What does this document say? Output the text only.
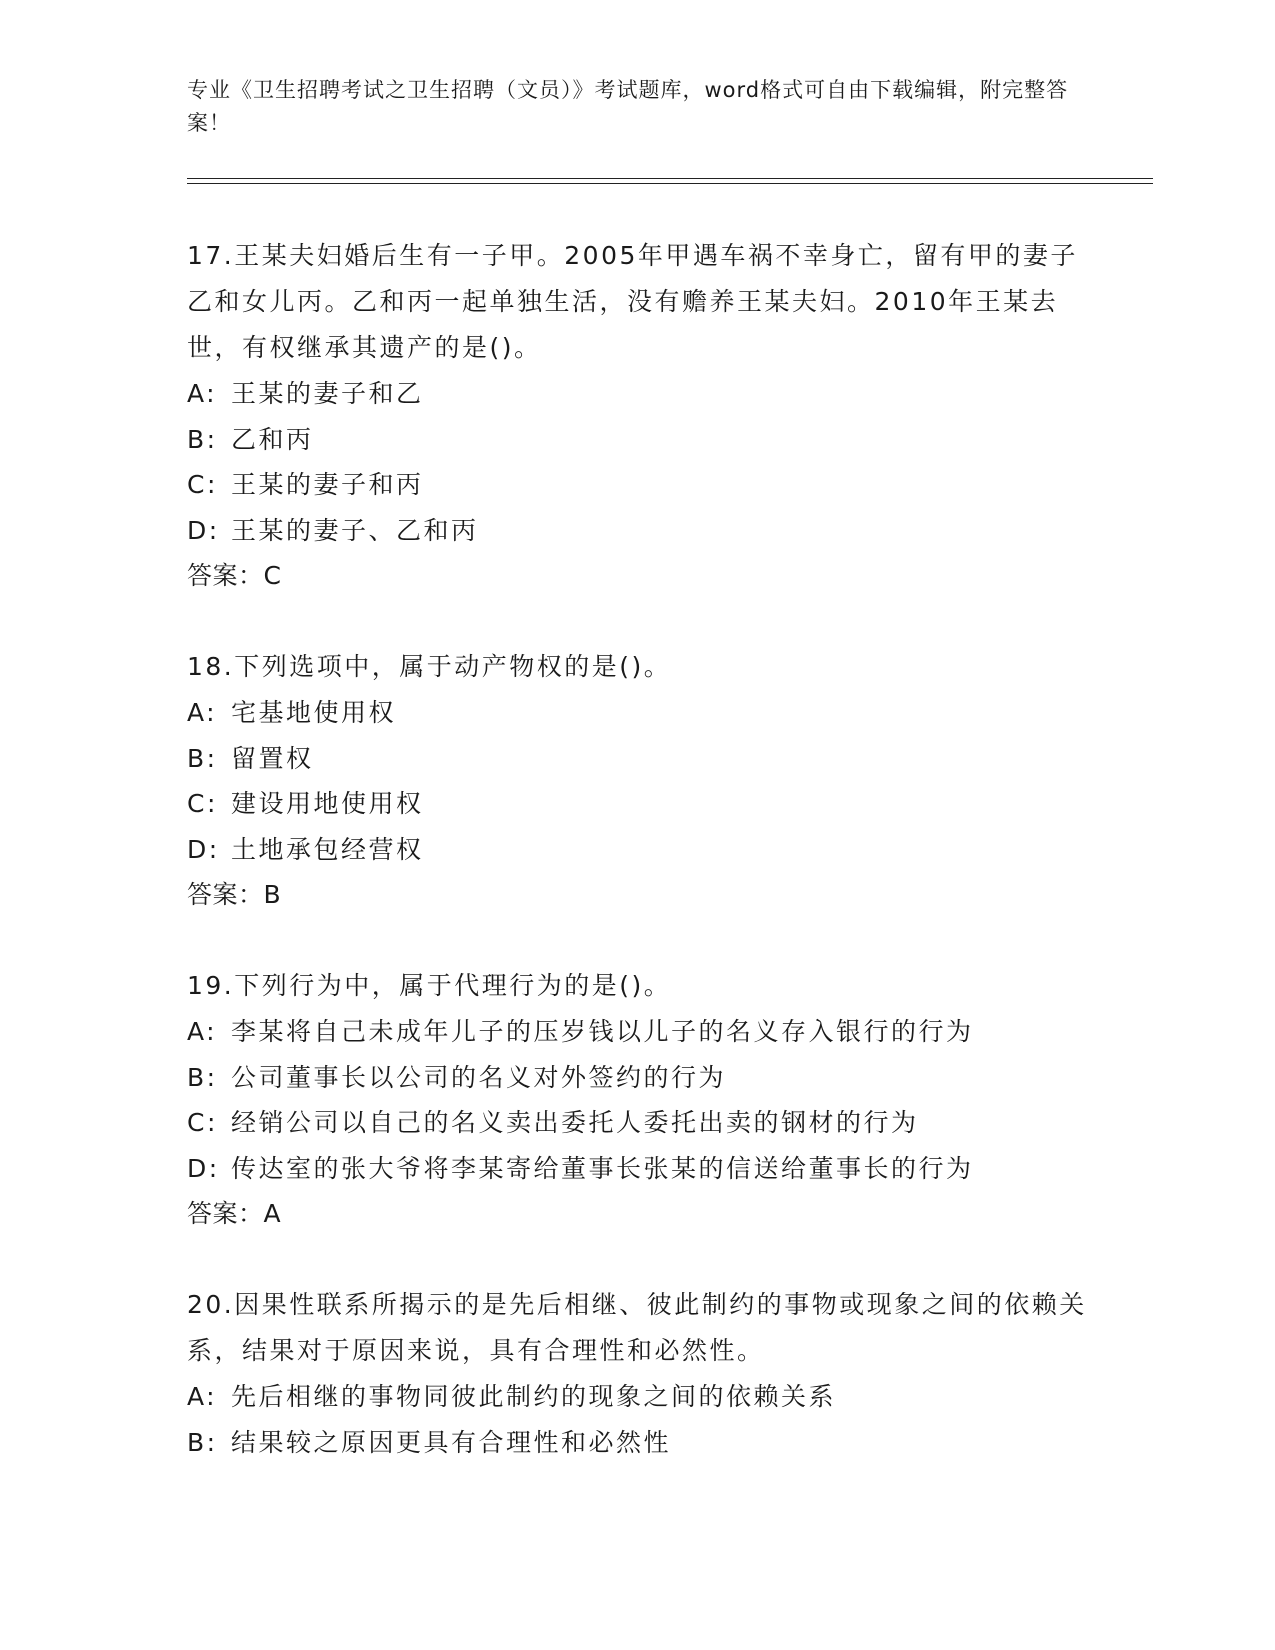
专业《卫生招聘考试之卫生招聘（文员）》考试题库，word格式可自由下载编辑，附完整答案！

17.王某夫妇婚后生有一子甲。2005年甲遇车祸不幸身亡，留有甲的妻子乙和女儿丙。乙和丙一起单独生活，没有赡养王某夫妇。2010年王某去世，有权继承其遗产的是()。

A: 王某的妻子和乙

B: 乙和丙

C: 王某的妻子和丙

D: 王某的妻子、乙和丙

答案：C

18.下列选项中，属于动产物权的是()。

A: 宅基地使用权

B: 留置权

C: 建设用地使用权

D: 土地承包经营权

答案：B

19.下列行为中，属于代理行为的是()。

A: 李某将自己未成年儿子的压岁钱以儿子的名义存入银行的行为

B: 公司董事长以公司的名义对外签约的行为

C: 经销公司以自己的名义卖出委托人委托出卖的钢材的行为

D: 传达室的张大爷将李某寄给董事长张某的信送给董事长的行为

答案：A

20.因果性联系所揭示的是先后相继、彼此制约的事物或现象之间的依赖关系，结果对于原因来说，具有合理性和必然性。

A: 先后相继的事物同彼此制约的现象之间的依赖关系

B: 结果较之原因更具有合理性和必然性
